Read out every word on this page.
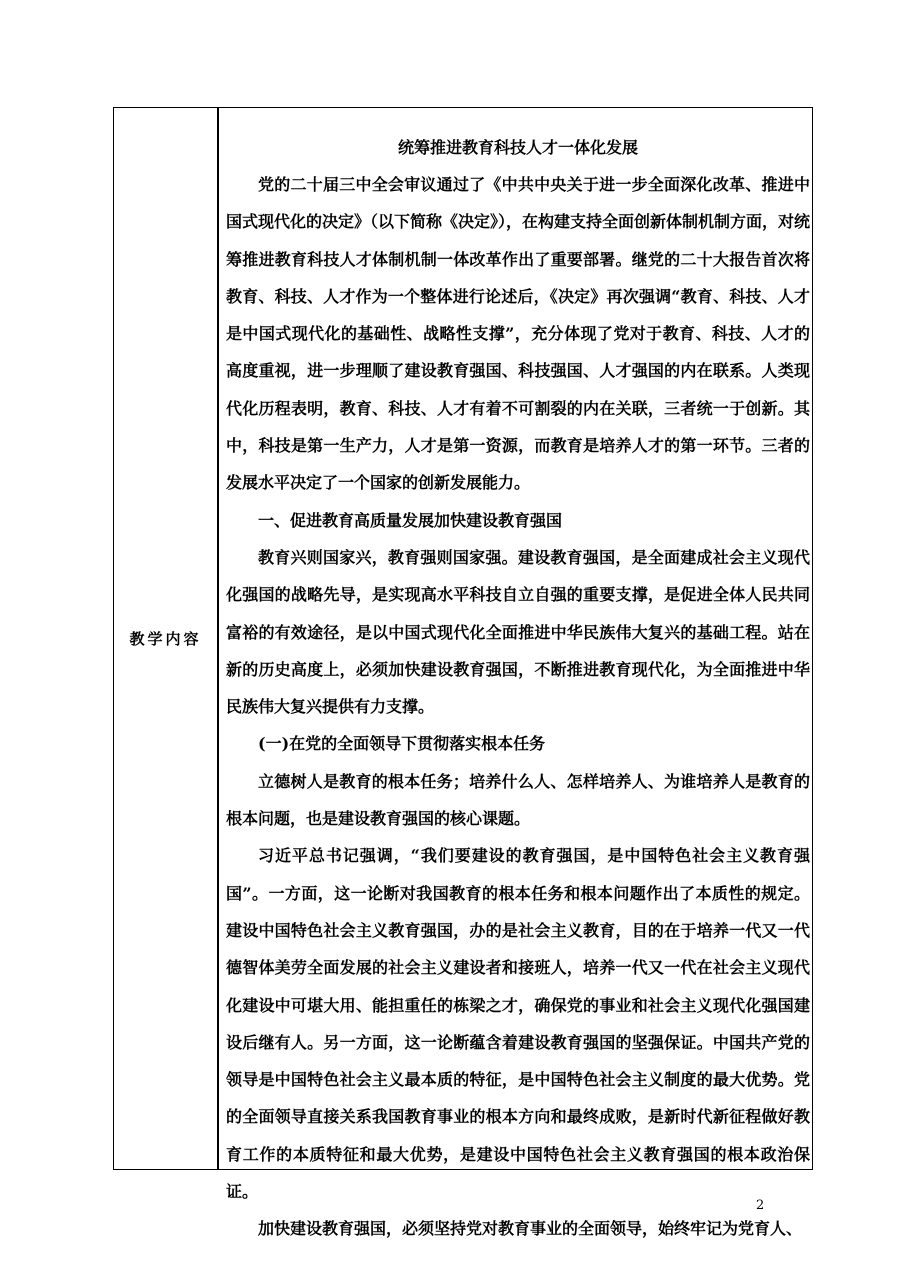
教学内容
统筹推进教育科技人才一体化发展

党的二十届三中全会审议通过了《中共中央关于进一步全面深化改革、推进中国式现代化的决定》（以下简称《决定》），在构建支持全面创新体制机制方面，对统筹推进教育科技人才体制机制一体改革作出了重要部署。继党的二十大报告首次将教育、科技、人才作为一个整体进行论述后，《决定》再次强调“教育、科技、人才是中国式现代化的基础性、战略性支撑”，充分体现了党对于教育、科技、人才的高度重视，进一步理顺了建设教育强国、科技强国、人才强国的内在联系。人类现代化历程表明，教育、科技、人才有着不可割裂的内在关联，三者统一于创新。其中，科技是第一生产力，人才是第一资源，而教育是培养人才的第一环节。三者的发展水平决定了一个国家的创新发展能力。

一、促进教育高质量发展加快建设教育强国

教育兴则国家兴，教育强则国家强。建设教育强国，是全面建成社会主义现代化强国的战略先导，是实现高水平科技自立自强的重要支撑，是促进全体人民共同富裕的有效途径，是以中国式现代化全面推进中华民族伟大复兴的基础工程。站在新的历史高度上，必须加快建设教育强国，不断推进教育现代化，为全面推进中华民族伟大复兴提供有力支撑。

(一)在党的全面领导下贯彻落实根本任务

立德树人是教育的根本任务；培养什么人、怎样培养人、为谁培养人是教育的根本问题，也是建设教育强国的核心课题。

习近平总书记强调，“我们要建设的教育强国，是中国特色社会主义教育强国”。一方面，这一论断对我国教育的根本任务和根本问题作出了本质性的规定。建设中国特色社会主义教育强国，办的是社会主义教育，目的在于培养一代又一代德智体美劳全面发展的社会主义建设者和接班人，培养一代又一代在社会主义现代化建设中可堪大用、能担重任的栋梁之才，确保党的事业和社会主义现代化强国建设后继有人。另一方面，这一论断蕴含着建设教育强国的坚强保证。中国共产党的领导是中国特色社会主义最本质的特征，是中国特色社会主义制度的最大优势。党的全面领导直接关系我国教育事业的根本方向和最终成败，是新时代新征程做好教育工作的本质特征和最大优势，是建设中国特色社会主义教育强国的根本政治保证。

加快建设教育强国，必须坚持党对教育事业的全面领导，始终牢记为党育人、

2
